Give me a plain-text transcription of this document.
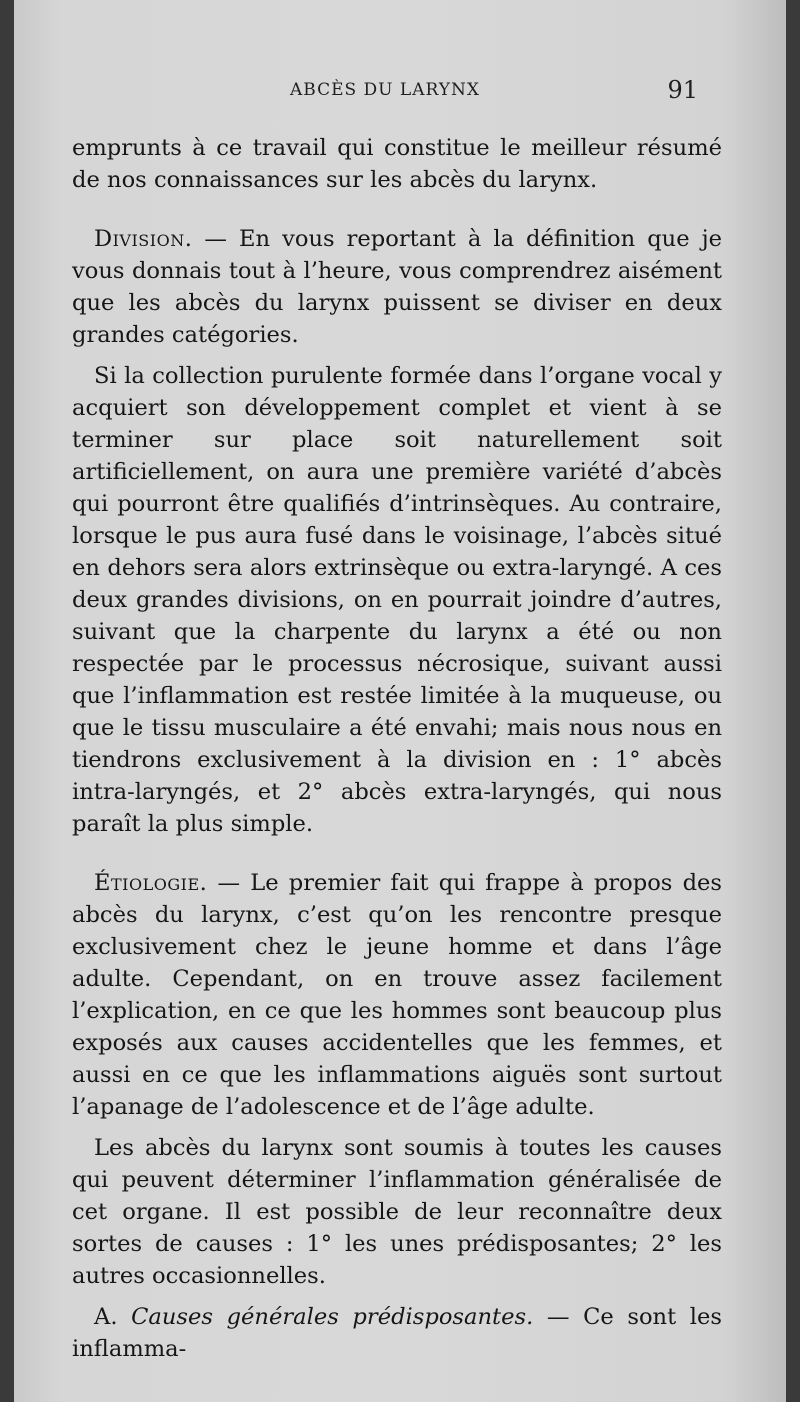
ABCÈS DU LARYNX	91

emprunts à ce travail qui constitue le meilleur résumé de nos connaissances sur les abcès du larynx.

Division. — En vous reportant à la définition que je vous donnais tout à l’heure, vous comprendrez aisément que les abcès du larynx puissent se diviser en deux grandes catégories.

Si la collection purulente formée dans l’organe vocal y acquiert son développement complet et vient à se terminer sur place soit naturellement soit artificiellement, on aura une première variété d’abcès qui pourront être qualifiés d’intrinsèques. Au contraire, lorsque le pus aura fusé dans le voisinage, l’abcès situé en dehors sera alors extrinsèque ou extra-laryngé. A ces deux grandes divisions, on en pourrait joindre d’autres, suivant que la charpente du larynx a été ou non respectée par le processus nécrosique, suivant aussi que l’inflammation est restée limitée à la muqueuse, ou que le tissu musculaire a été envahi; mais nous nous en tiendrons exclusivement à la division en : 1° abcès intra-laryngés, et 2° abcès extra-laryngés, qui nous paraît la plus simple.

Étiologie. — Le premier fait qui frappe à propos des abcès du larynx, c’est qu’on les rencontre presque exclusivement chez le jeune homme et dans l’âge adulte. Cependant, on en trouve assez facilement l’explication, en ce que les hommes sont beaucoup plus exposés aux causes accidentelles que les femmes, et aussi en ce que les inflammations aiguës sont surtout l’apanage de l’adolescence et de l’âge adulte.

Les abcès du larynx sont soumis à toutes les causes qui peuvent déterminer l’inflammation généralisée de cet organe. Il est possible de leur reconnaître deux sortes de causes : 1° les unes prédisposantes; 2° les autres occasionnelles.

A. Causes générales prédisposantes. — Ce sont les inflamma-
